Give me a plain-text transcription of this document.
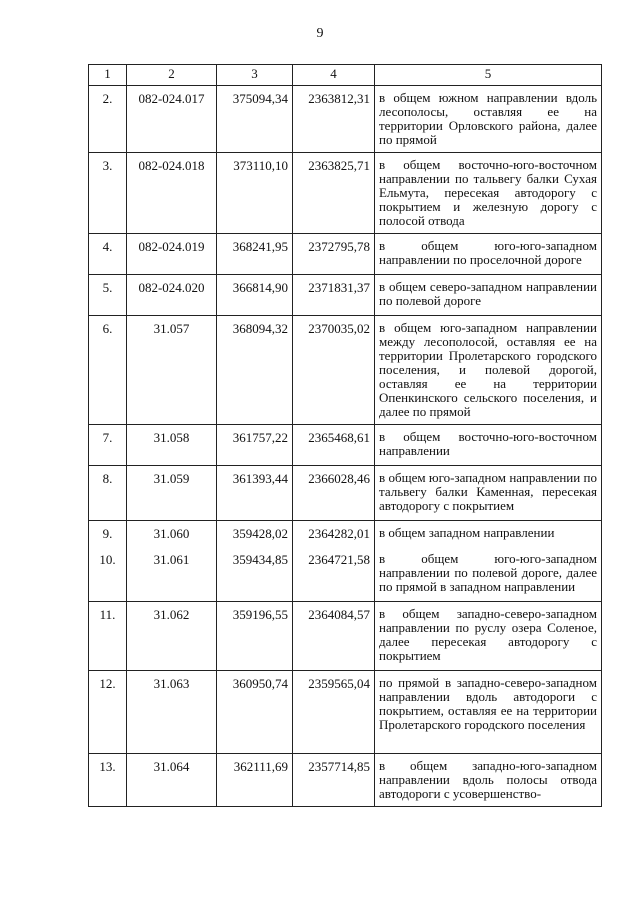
9
1	2	3	4	5
2.	082-024.017	375094,34	2363812,31	в общем южном направлении вдоль лесополосы, оставляя ее на территории Орловского района, далее по прямой
3.	082-024.018	373110,10	2363825,71	в общем восточно-юго-восточном направлении по тальвегу балки Сухая Ельмута, пересекая автодорогу с покрытием и железную дорогу с полосой отвода
4.	082-024.019	368241,95	2372795,78	в общем юго-юго-западном направлении по проселочной дороге
5.	082-024.020	366814,90	2371831,37	в общем северо-западном направлении по полевой дороге
6.	31.057	368094,32	2370035,02	в общем юго-западном направлении между лесополосой, оставляя ее на территории Пролетарского городского поселения, и полевой дорогой, оставляя ее на территории Опенкинского сельского поселения, и далее по прямой
7.	31.058	361757,22	2365468,61	в общем восточно-юго-восточном направлении
8.	31.059	361393,44	2366028,46	в общем юго-западном направлении по тальвегу балки Каменная, пересекая автодорогу с покрытием
9.	31.060	359428,02	2364282,01	в общем западном направлении
10.	31.061	359434,85	2364721,58	в общем юго-юго-западном направлении по полевой дороге, далее по прямой в западном направлении
11.	31.062	359196,55	2364084,57	в общем западно-северо-западном направлении по руслу озера Соленое, далее пересекая автодорогу с покрытием
12.	31.063	360950,74	2359565,04	по прямой в западно-северо-западном направлении вдоль автодороги с покрытием, оставляя ее на территории Пролетарского городского поселения
13.	31.064	362111,69	2357714,85	в общем западно-юго-западном направлении вдоль полосы отвода автодороги с усовершенство-
